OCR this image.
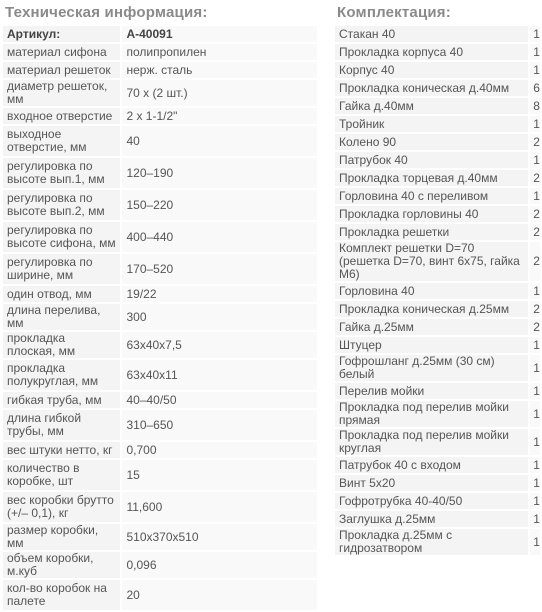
Техническая информация:	Комплектация:
Артикул:	А-40091
материал сифона	полипропилен
материал решеток	нерж. сталь
диаметр решеток, мм	70 x (2 шт.)
входное отверстие	2 x 1-1/2"
выходное отверстие, мм	40
регулировка по высоте вып.1, мм	120–190
регулировка по высоте вып.2, мм	150–220
регулировка по высоте сифона, мм	400–440
регулировка по ширине, мм	170–520
один отвод, мм	19/22
длина перелива, мм	300
прокладка плоская, мм	63x40x7,5
прокладка полукруглая, мм	63x40x11
гибкая труба, мм	40–40/50
длина гибкой трубы, мм	310–650
вес штуки нетто, кг	0,700
количество в коробке, шт	15
вес коробки брутто (+/– 0,1), кг	11,600
размер коробки, мм	510x370x510
объем коробки, м.куб	0,096
кол-во коробок на палете	20
Стакан 40	1
Прокладка корпуса 40	1
Корпус 40	1
Прокладка коническая д.40мм	6
Гайка д.40мм	8
Тройник	1
Колено 90	2
Патрубок 40	1
Прокладка торцевая д.40мм	2
Горловина 40 с переливом	1
Прокладка горловины 40	2
Прокладка решетки	2
Комплект решетки D=70 (решетка D=70, винт 6x75, гайка М6)	2
Горловина 40	1
Прокладка коническая д.25мм	2
Гайка д.25мм	2
Штуцер	1
Гофрошланг д.25мм (30 см) белый	1
Перелив мойки	1
Прокладка под перелив мойки прямая	1
Прокладка под перелив мойки круглая	1
Патрубок 40 с входом	1
Винт 5x20	1
Гофротрубка 40-40/50	1
Заглушка д.25мм	1
Прокладка д.25мм с гидрозатвором	1
